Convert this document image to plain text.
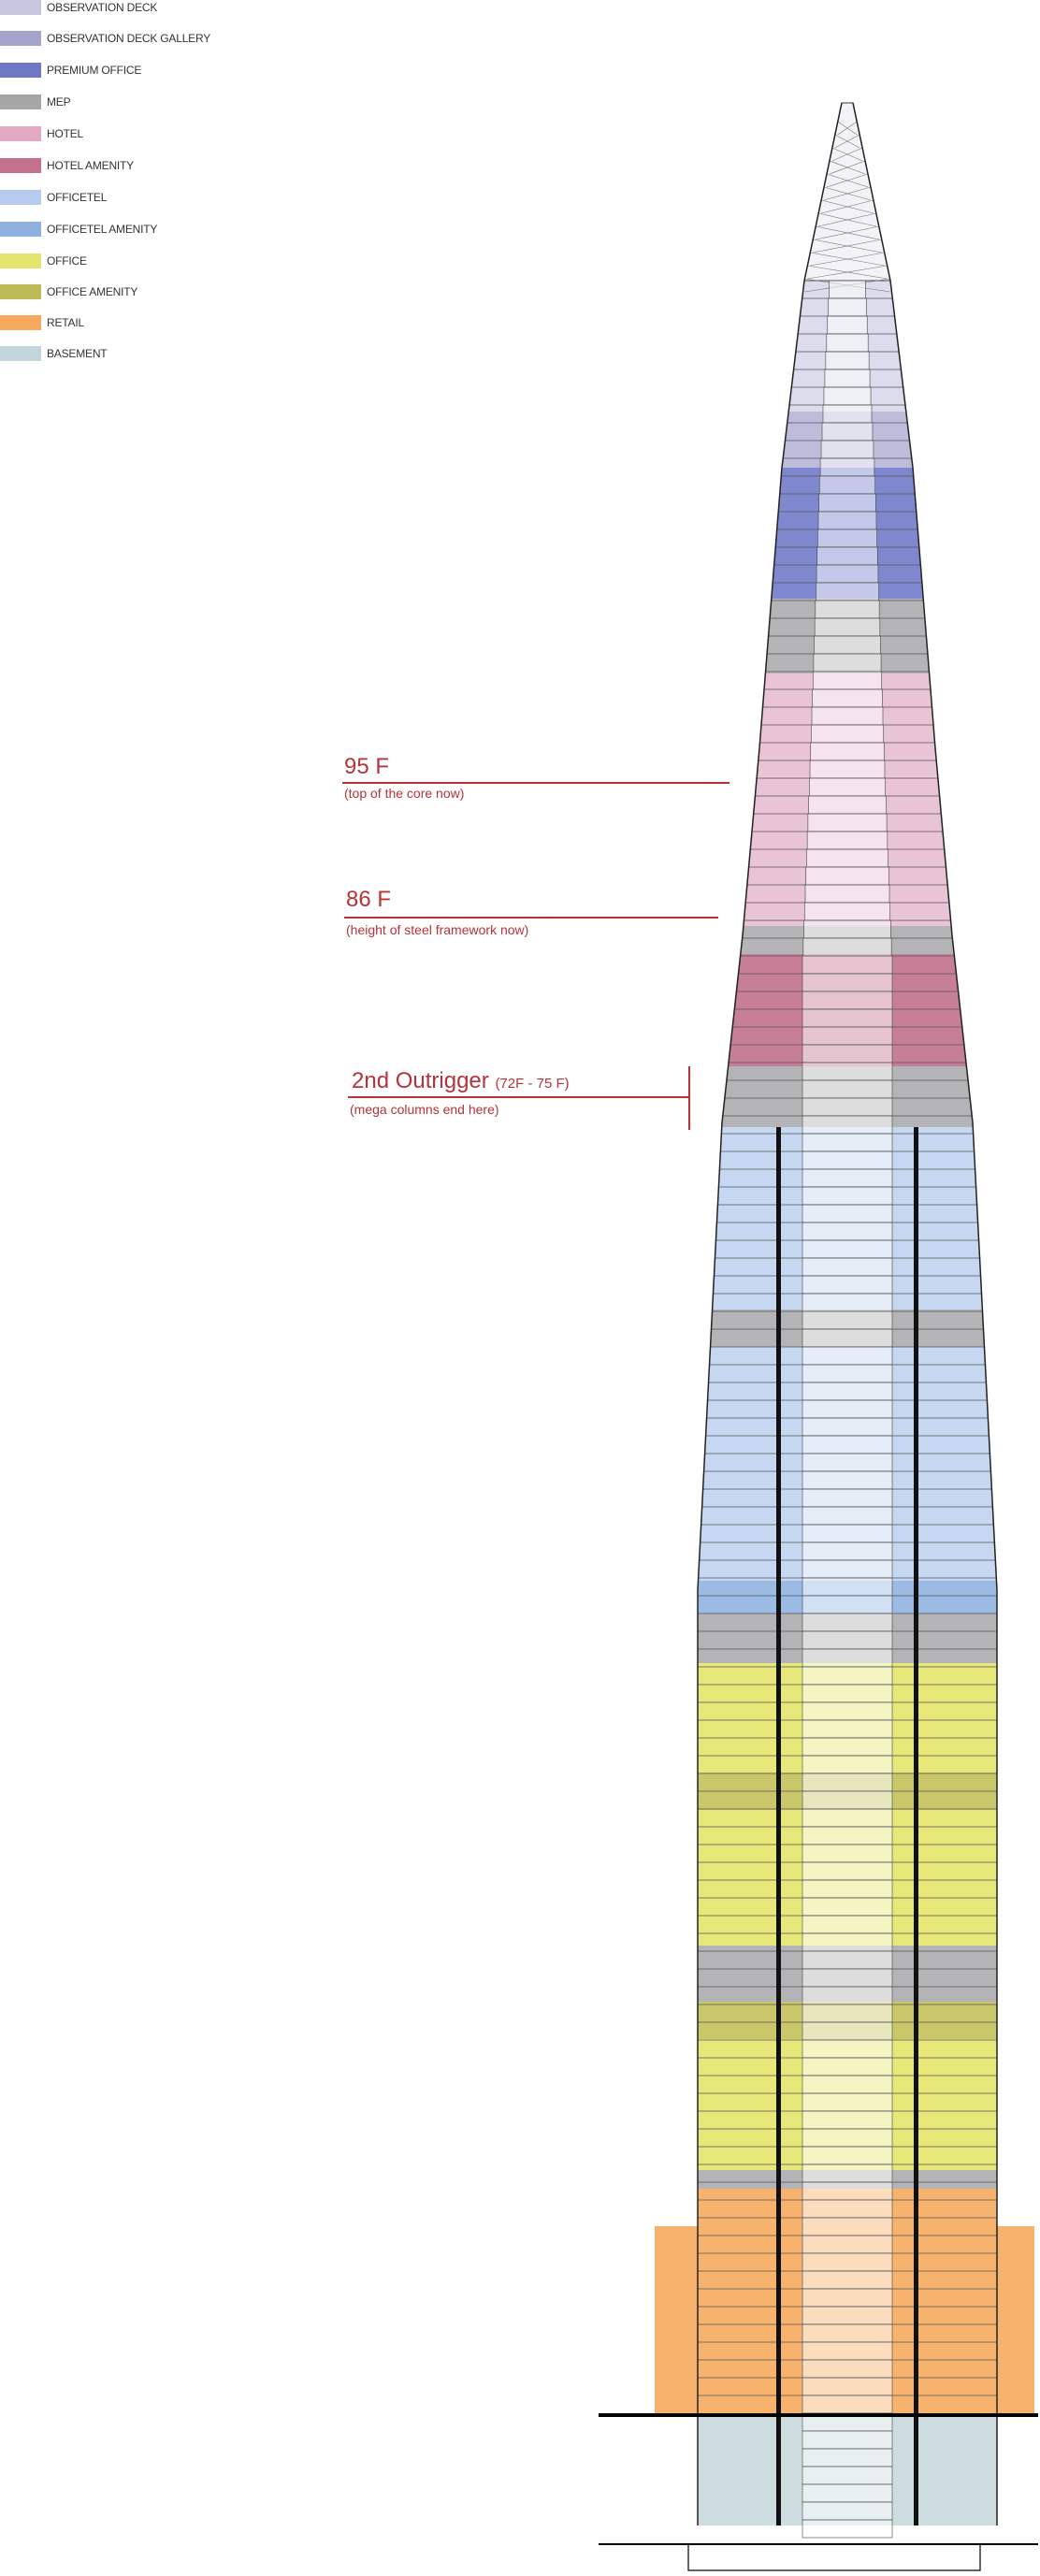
OBSERVATION DECK
OBSERVATION DECK GALLERY
PREMIUM OFFICE
MEP
HOTEL
HOTEL AMENITY
OFFICETEL
OFFICETEL AMENITY
OFFICE
OFFICE AMENITY
RETAIL
BASEMENT
95 F
(top of the core now)
86 F
(height of steel framework now)
2nd Outrigger (72F - 75 F)
(mega columns end here)
